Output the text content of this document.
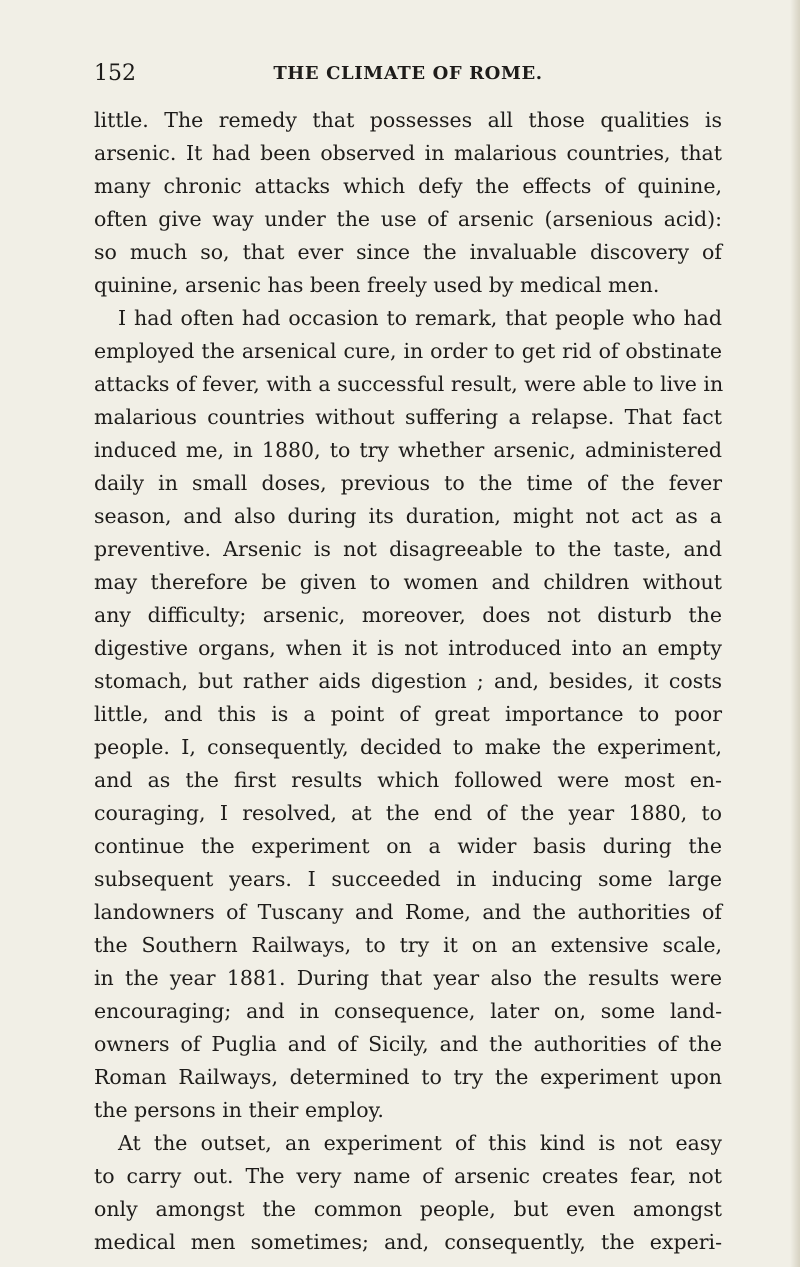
152	THE CLIMATE OF ROME.
little. The remedy that possesses all those qualities is
arsenic. It had been observed in malarious countries, that
many chronic attacks which defy the effects of quinine,
often give way under the use of arsenic (arsenious acid):
so much so, that ever since the invaluable discovery of
quinine, arsenic has been freely used by medical men.
I had often had occasion to remark, that people who had
employed the arsenical cure, in order to get rid of obstinate
attacks of fever, with a successful result, were able to live in
malarious countries without suffering a relapse. That fact
induced me, in 1880, to try whether arsenic, administered
daily in small doses, previous to the time of the fever
season, and also during its duration, might not act as a
preventive. Arsenic is not disagreeable to the taste, and
may therefore be given to women and children without
any difficulty; arsenic, moreover, does not disturb the
digestive organs, when it is not introduced into an empty
stomach, but rather aids digestion ; and, besides, it costs
little, and this is a point of great importance to poor
people. I, consequently, decided to make the experiment,
and as the first results which followed were most en-
couraging, I resolved, at the end of the year 1880, to
continue the experiment on a wider basis during the
subsequent years. I succeeded in inducing some large
landowners of Tuscany and Rome, and the authorities of
the Southern Railways, to try it on an extensive scale,
in the year 1881. During that year also the results were
encouraging; and in consequence, later on, some land-
owners of Puglia and of Sicily, and the authorities of the
Roman Railways, determined to try the experiment upon
the persons in their employ.
At the outset, an experiment of this kind is not easy
to carry out. The very name of arsenic creates fear, not
only amongst the common people, but even amongst
medical men sometimes; and, consequently, the experi-
